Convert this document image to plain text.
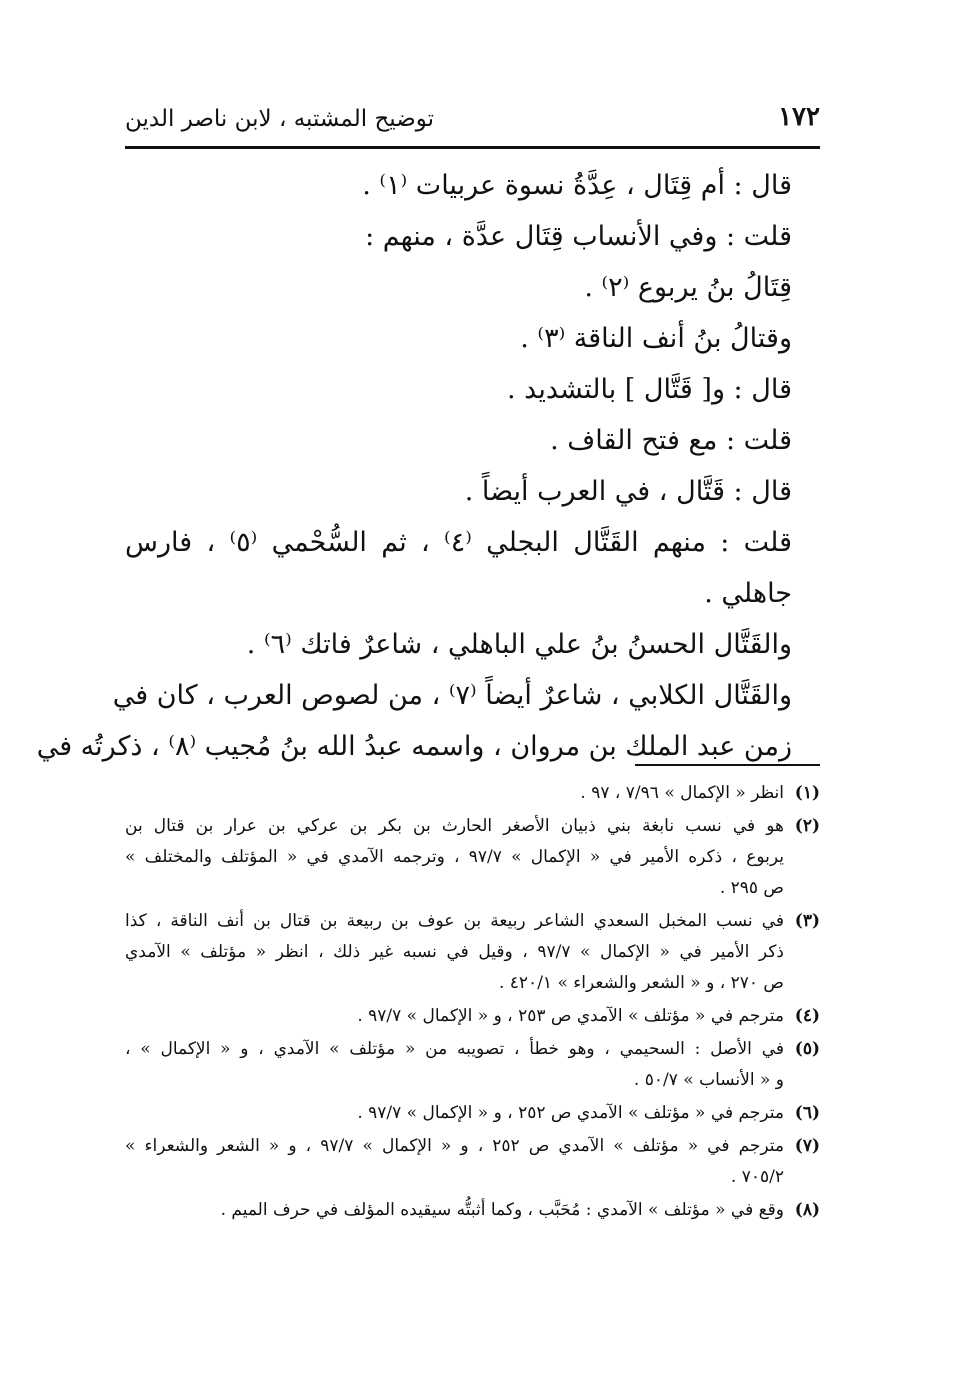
١٧٢
توضيح المشتبه ، لابن ناصر الدين
قال : أم قِتَال ، عِدَّةُ نسوة عربيات ⁽١⁾ .
قلت : وفي الأنساب قِتَال عدَّة ، منهم :
قِتَالُ بنُ يربوع ⁽٢⁾ .
وقتالُ بنُ أنف الناقة ⁽٣⁾ .
قال : و[ قَتَّال ] بالتشديد .
قلت : مع فتح القاف .
قال : قَتَّال ، في العرب أيضاً .
قلت : منهم القَتَّال البجلي ⁽٤⁾ ، ثم السُّحْمي ⁽٥⁾ ، فارس
جاهلي .
والقَتَّال الحسنُ بنُ علي الباهلي ، شاعرٌ فاتك ⁽٦⁾ .
والقَتَّال الكلابي ، شاعرٌ أيضاً ⁽٧⁾ ، من لصوص العرب ، كان في
زمن عبد الملك بن مروان ، واسمه عبدُ الله بنُ مُجيب ⁽٨⁾ ، ذكرتُه في
(١)
انظر « الإكمال » ٧/٩٦ ، ٩٧ .
(٢)
هو في نسب نابغة بني ذبيان الأصغر الحارث بن بكر بن عركي بن عرار بن قتال بن
يربوع ، ذكره الأمير في « الإكمال » ٩٧/٧ ، وترجمه الآمدي في « المؤتلف والمختلف »
ص ٢٩٥ .
(٣)
في نسب المخبل السعدي الشاعر ربيعة بن عوف بن ربيعة بن قتال بن أنف الناقة ، كذا
ذكر الأمير في « الإكمال » ٩٧/٧ ، وقيل في نسبه غير ذلك ، انظر « مؤتلف » الآمدي
ص ٢٧٠ ، و « الشعر والشعراء » ٤٢٠/١ .
(٤)
مترجم في « مؤتلف » الآمدي ص ٢٥٣ ، و « الإكمال » ٩٧/٧ .
(٥)
في الأصل : السحيمي ، وهو خطأ ، تصويبه من « مؤتلف » الآمدي ، و « الإكمال » ،
و « الأنساب » ٥٠/٧ .
(٦)
مترجم في « مؤتلف » الآمدي ص ٢٥٢ ، و « الإكمال » ٩٧/٧ .
(٧)
مترجم في « مؤتلف » الآمدي ص ٢٥٢ ، و « الإكمال » ٩٧/٧ ، و « الشعر والشعراء »
٧٠٥/٢ .
(٨)
وقع في « مؤتلف » الآمدي : مُحَبَّب ، وكما أثبتُّه سيقيده المؤلف في حرف الميم .
